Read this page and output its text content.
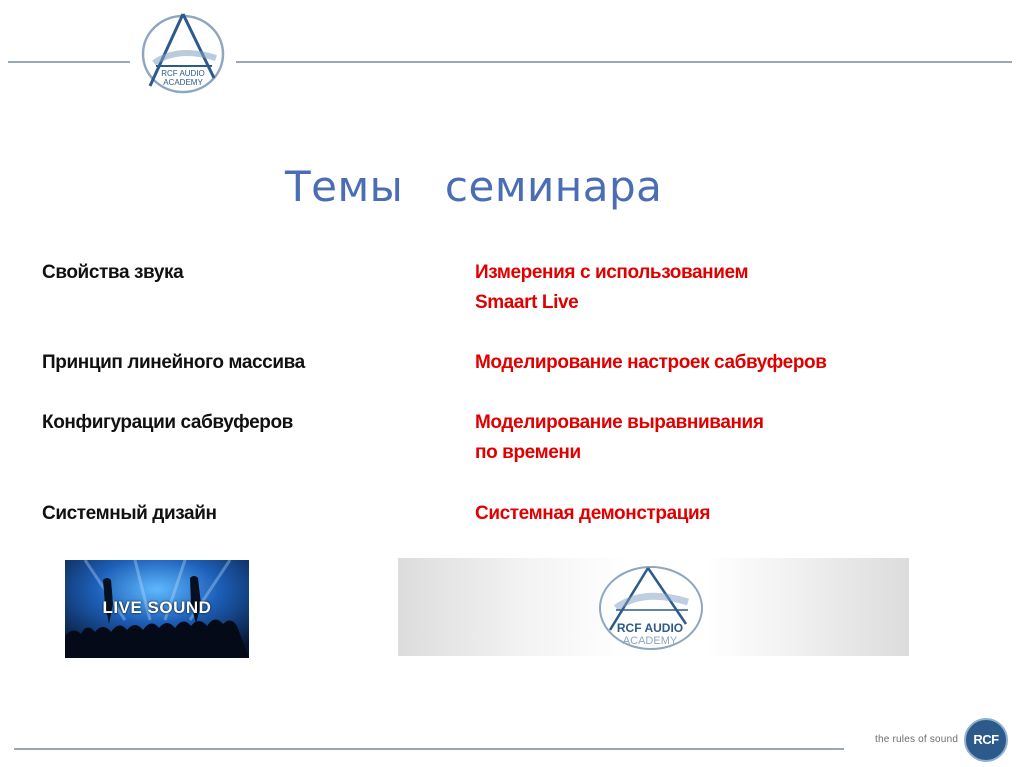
RCF AUDIO
ACADEMY
Темы   семинара
Свойства звука
Принцип линейного массива
Конфигурации сабвуферов
Системный дизайн
Измерения с использованием
Smaart Live
Моделирование настроек сабвуферов
Моделирование выравнивания
по времени
Системная демонстрация
LIVE SOUND
RCF AUDIO
ACADEMY
the rules of sound	RCF
